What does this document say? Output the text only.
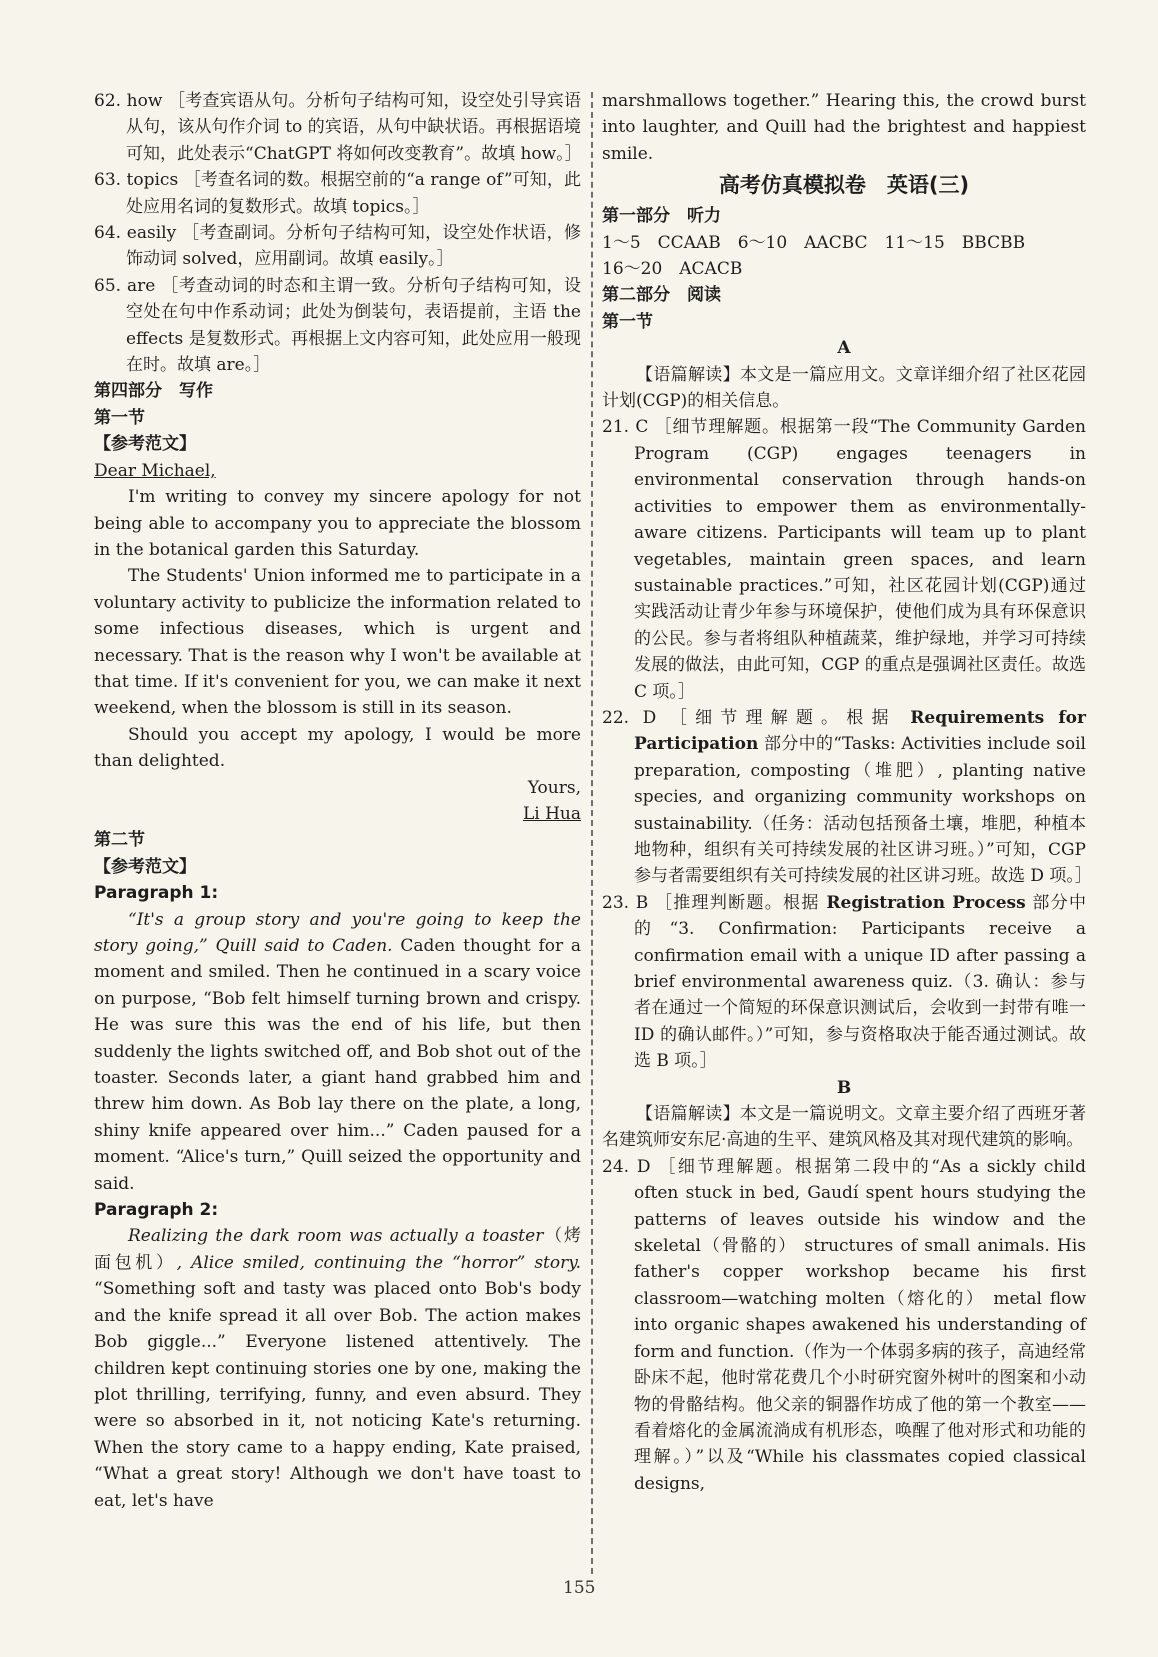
62. how ［考查宾语从句。分析句子结构可知，设空处引导宾语从句，该从句作介词 to 的宾语，从句中缺状语。再根据语境可知，此处表示“ChatGPT 将如何改变教育”。故填 how。］

63. topics ［考查名词的数。根据空前的“a range of”可知，此处应用名词的复数形式。故填 topics。］

64. easily ［考查副词。分析句子结构可知，设空处作状语，修饰动词 solved，应用副词。故填 easily。］

65. are ［考查动词的时态和主谓一致。分析句子结构可知，设空处在句中作系动词；此处为倒装句，表语提前，主语 the effects 是复数形式。再根据上文内容可知，此处应用一般现在时。故填 are。］

第四部分　写作

第一节

【参考范文】

Dear Michael,

I'm writing to convey my sincere apology for not being able to accompany you to appreciate the blossom in the botanical garden this Saturday.

The Students' Union informed me to participate in a voluntary activity to publicize the information related to some infectious diseases, which is urgent and necessary. That is the reason why I won't be available at that time. If it's convenient for you, we can make it next weekend, when the blossom is still in its season.

Should you accept my apology, I would be more than delighted.

Yours,

Li Hua

第二节

【参考范文】

Paragraph 1:

“It's a group story and you're going to keep the story going,” Quill said to Caden. Caden thought for a moment and smiled. Then he continued in a scary voice on purpose, “Bob felt himself turning brown and crispy. He was sure this was the end of his life, but then suddenly the lights switched off, and Bob shot out of the toaster. Seconds later, a giant hand grabbed him and threw him down. As Bob lay there on the plate, a long, shiny knife appeared over him...” Caden paused for a moment. “Alice's turn,” Quill seized the opportunity and said.

Paragraph 2:

Realizing the dark room was actually a toaster（烤面包机）, Alice smiled, continuing the “horror” story. “Something soft and tasty was placed onto Bob's body and the knife spread it all over Bob. The action makes Bob giggle...” Everyone listened attentively. The children kept continuing stories one by one, making the plot thrilling, terrifying, funny, and even absurd. They were so absorbed in it, not noticing Kate's returning. When the story came to a happy ending, Kate praised, “What a great story! Although we don't have toast to eat, let's have

marshmallows together.” Hearing this, the crowd burst into laughter, and Quill had the brightest and happiest smile.

高考仿真模拟卷　英语(三)

第一部分　听力

1～5　CCAAB　6～10　AACBC　11～15　BBCBB

16～20　ACACB

第二部分　阅读

第一节

A

【语篇解读】本文是一篇应用文。文章详细介绍了社区花园计划(CGP)的相关信息。

21. C ［细节理解题。根据第一段“The Community Garden Program (CGP) engages teenagers in environmental conservation through hands-on activities to empower them as environmentally-aware citizens. Participants will team up to plant vegetables, maintain green spaces, and learn sustainable practices.”可知，社区花园计划(CGP)通过实践活动让青少年参与环境保护，使他们成为具有环保意识的公民。参与者将组队种植蔬菜，维护绿地，并学习可持续发展的做法，由此可知，CGP 的重点是强调社区责任。故选 C 项。］

22. D ［细节理解题。根据 Requirements for Participation 部分中的“Tasks: Activities include soil preparation, composting（堆肥）, planting native species, and organizing community workshops on sustainability.（任务：活动包括预备土壤，堆肥，种植本地物种，组织有关可持续发展的社区讲习班。）”可知，CGP 参与者需要组织有关可持续发展的社区讲习班。故选 D 项。］

23. B ［推理判断题。根据 Registration Process 部分中的“3. Confirmation: Participants receive a confirmation email with a unique ID after passing a brief environmental awareness quiz.（3. 确认：参与者在通过一个简短的环保意识测试后，会收到一封带有唯一 ID 的确认邮件。）”可知，参与资格取决于能否通过测试。故选 B 项。］

B

【语篇解读】本文是一篇说明文。文章主要介绍了西班牙著名建筑师安东尼·高迪的生平、建筑风格及其对现代建筑的影响。

24. D ［细节理解题。根据第二段中的“As a sickly child often stuck in bed, Gaudí spent hours studying the patterns of leaves outside his window and the skeletal（骨骼的） structures of small animals. His father's copper workshop became his first classroom—watching molten（熔化的） metal flow into organic shapes awakened his understanding of form and function.（作为一个体弱多病的孩子，高迪经常卧床不起，他时常花费几个小时研究窗外树叶的图案和小动物的骨骼结构。他父亲的铜器作坊成了他的第一个教室——看着熔化的金属流淌成有机形态，唤醒了他对形式和功能的理解。）”以及“While his classmates copied classical designs,

155
